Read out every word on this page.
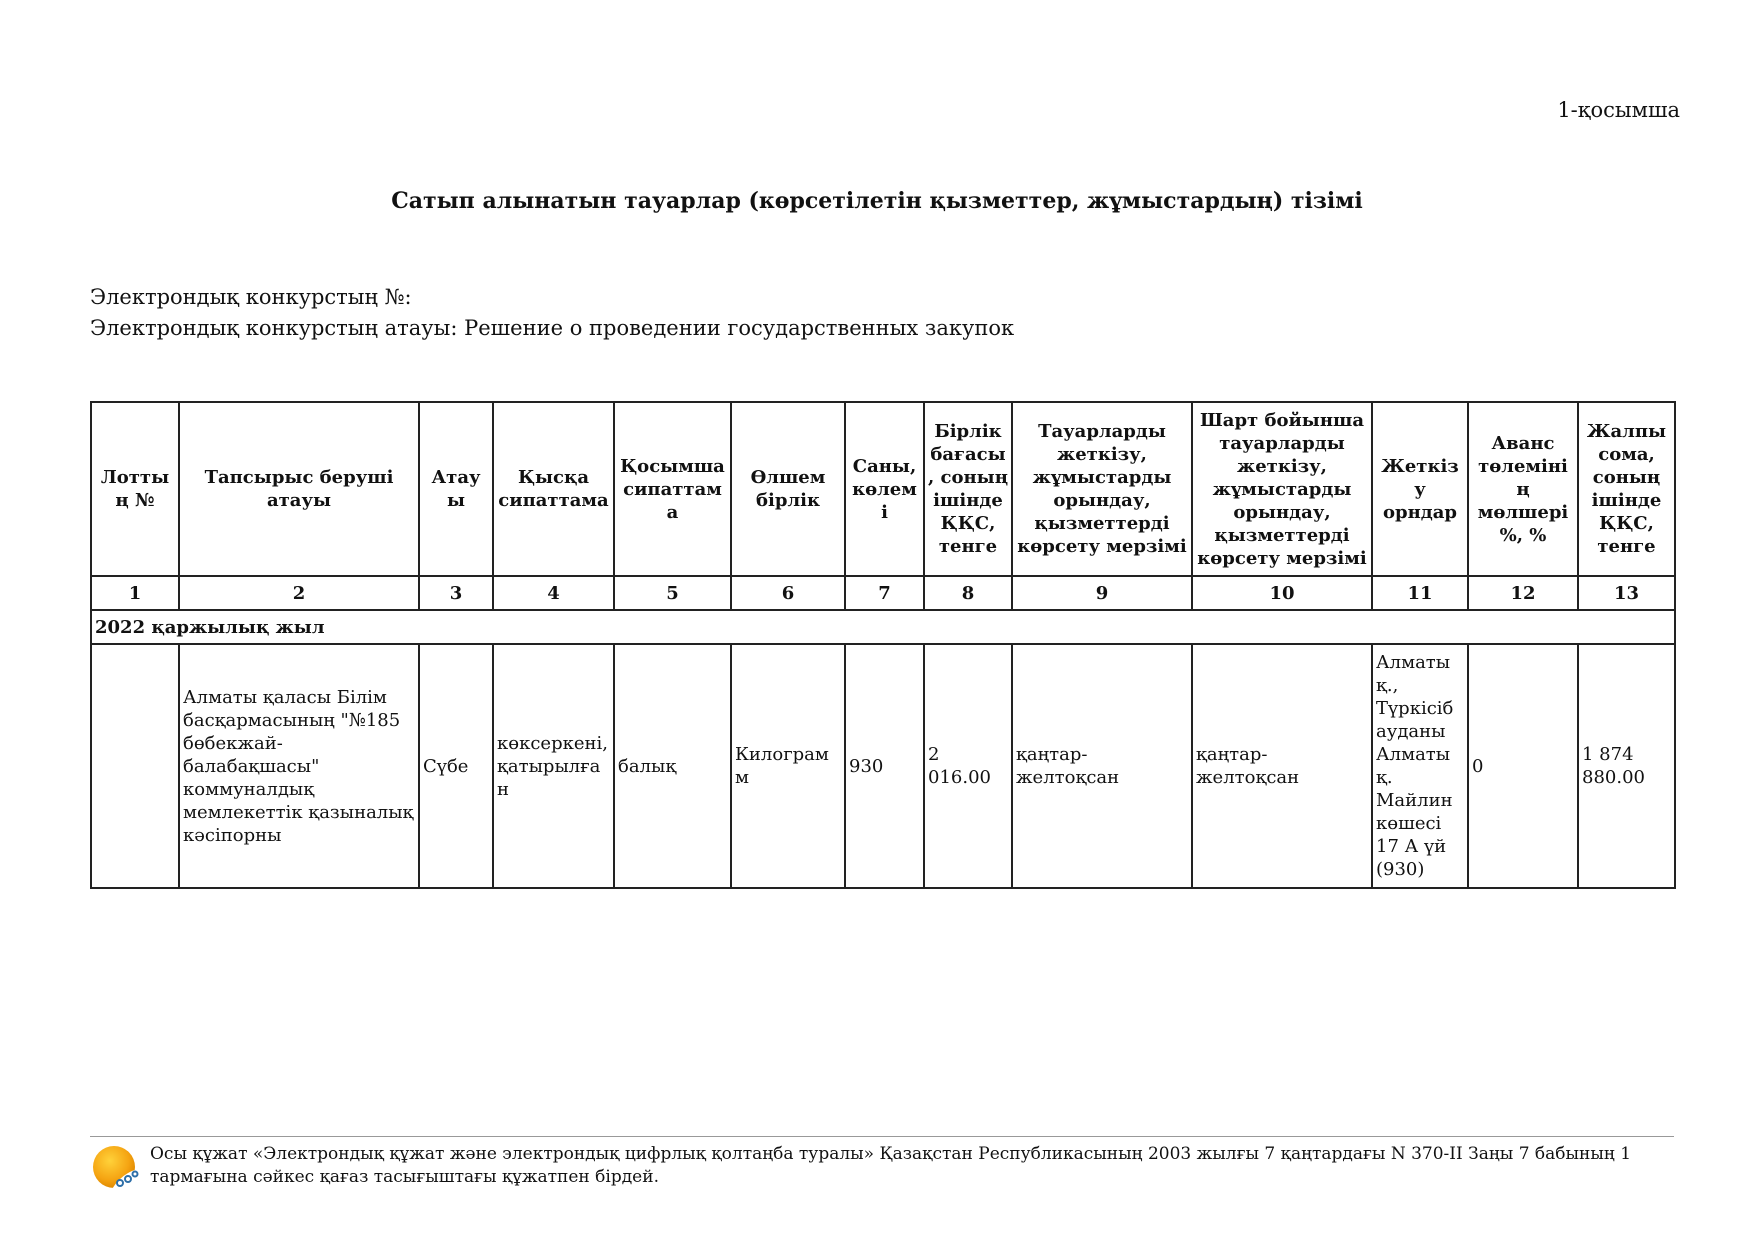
1-қосымша
Сатып алынатын тауарлар (көрсетілетін қызметтер, жұмыстардың) тізімі
Электрондық конкурстың №:
Электрондық конкурстың атауы: Решение о проведении государственных закупок
Лоттың №	Тапсырыс беруші атауы	Атауы	Қысқа сипаттама	Қосымша сипаттама	Өлшем бірлік	Саны, көлемі	Бірлік бағасы, соның ішінде ҚҚС, тенге	Тауарларды жеткізу, жұмыстарды орындау, қызметтерді көрсету мерзімі	Шарт бойынша тауарларды жеткізу, жұмыстарды орындау, қызметтерді көрсету мерзімі	Жеткізу орндар	Аванс төлемінің мөлшері %, %	Жалпы сома, соның ішінде ҚҚС, тенге
1	2	3	4	5	6	7	8	9	10	11	12	13
2022 қаржылық жыл												
	Алматы қаласы Білім басқармасының "№185 бөбекжай-балабақшасы" коммуналдық мемлекеттік қазыналық кәсіпорны	Сүбе	көксеркені, қатырылған	балық	Килограмм	930	2 016.00	қаңтар-желтоқсан	қаңтар-желтоқсан	Алматы қ., Түркісіб ауданы Алматы қ. Майлин көшесі 17 А үй (930)	0	1 874 880.00
Осы құжат «Электрондық құжат және электрондық цифрлық қолтаңба туралы» Қазақстан Республикасының 2003 жылғы 7 қаңтардағы N 370-II Заңы 7 бабының 1 тармағына сәйкес қағаз тасығыштағы құжатпен бірдей.
